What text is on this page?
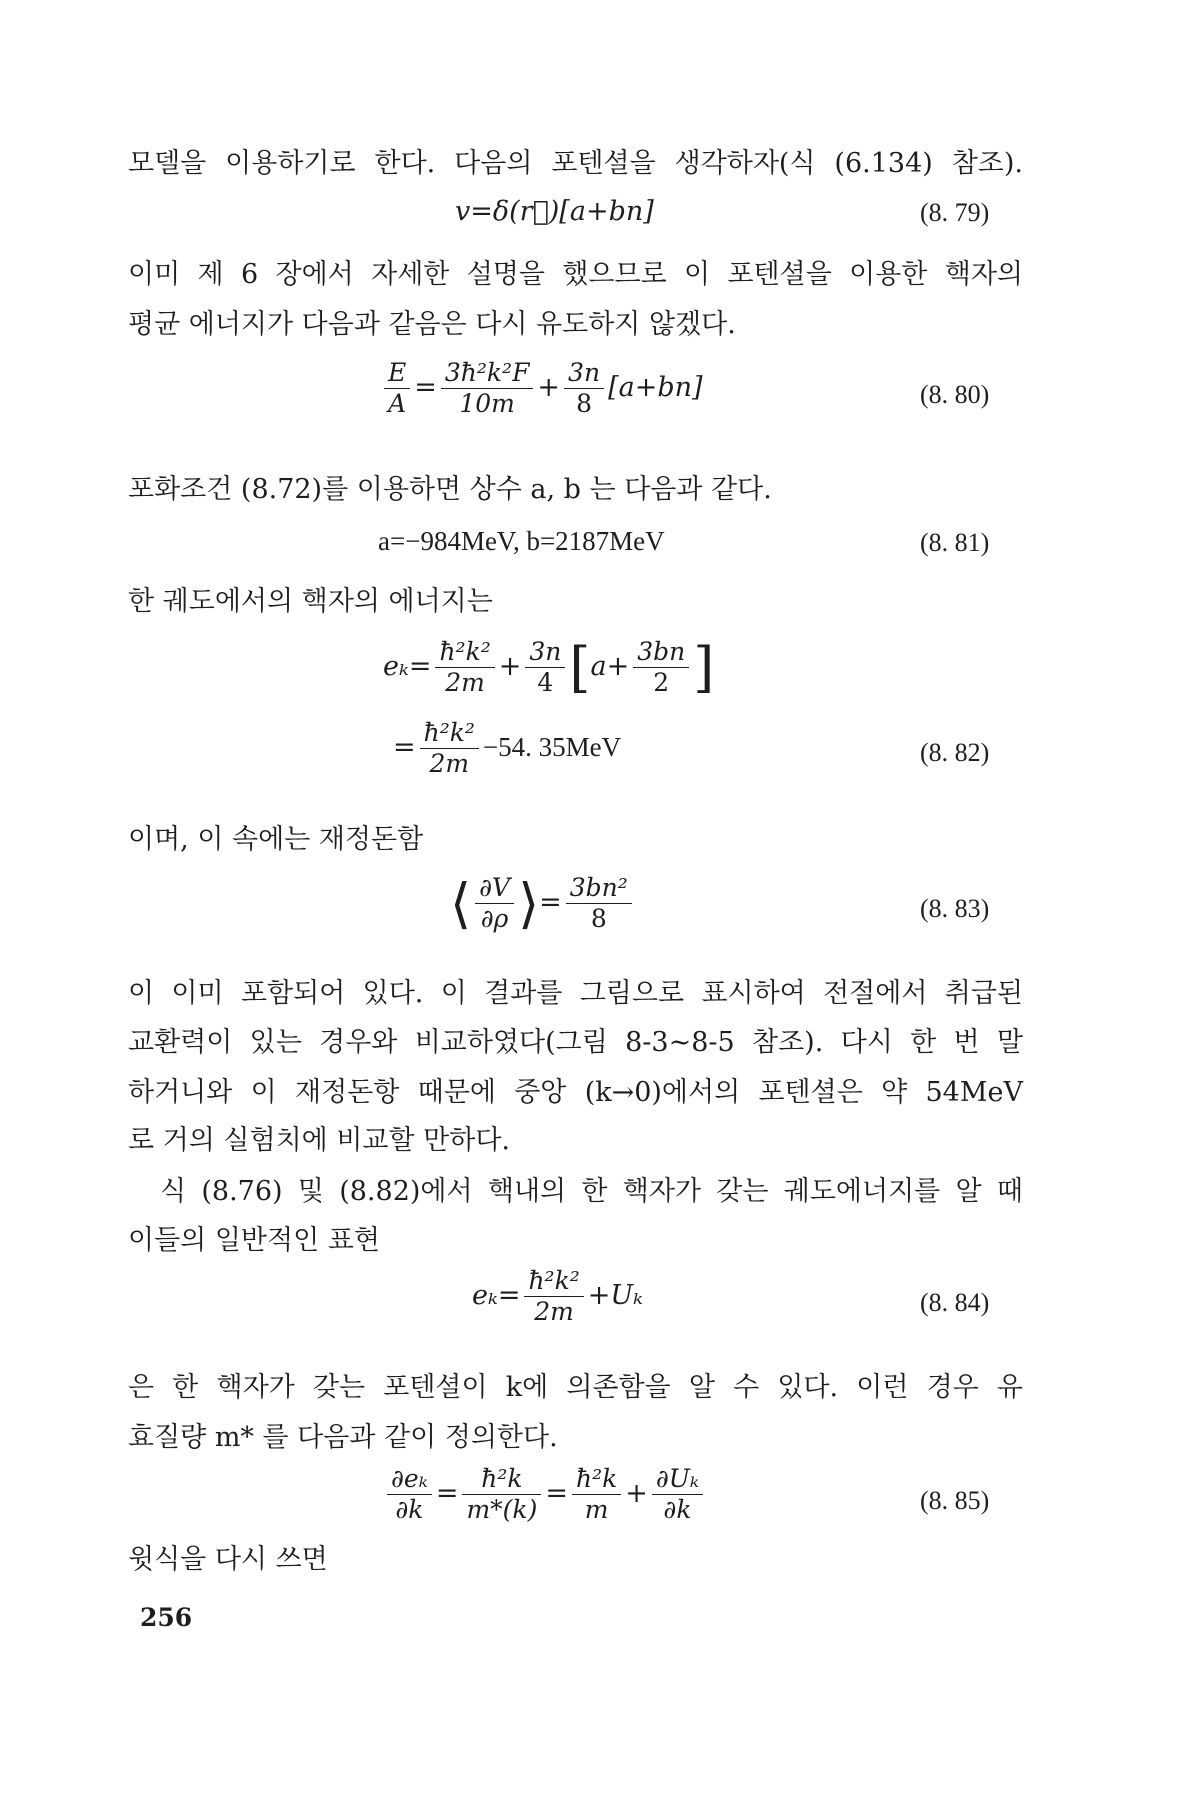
모델을 이용하기로 한다. 다음의 포텐셜을 생각하자(식 (6.134) 참조).
v=δ(r⃗)[a+bn]	(8. 79)
이미 제 6 장에서 자세한 설명을 했으므로 이 포텐셜을 이용한 핵자의
평균 에너지가 다음과 같음은 다시 유도하지 않겠다.
$\frac{E}{A} = \frac{\text{3ħ²k²F}}{10m} + \frac{3n}{8} [a+bn]$	(8. 80)
포화조건 (8.72)를 이용하면 상수 a, b 는 다음과 같다.
a=−984MeV, b=2187MeV	(8. 81)
한 궤도에서의 핵자의 에너지는
$e_k= \frac{\text{ħ²k²}}{2m} + \frac{3n}{4} [a+ \frac{3bn}{2}$ ]
= $\frac{\text{ħ²k²}}{2m} -54$. 35MeV	(8. 82)
이며, 이 속에는 재정돈함
⟨ $\frac{\partial V}{\partial\rho}$ ⟩= $\frac{\text{3bn²}}{8}$	(8. 83)
이 이미 포함되어 있다. 이 결과를 그림으로 표시하여 전절에서 취급된
교환력이 있는 경우와 비교하였다(그림 8-3∼8-5 참조). 다시 한 번 말
하거니와 이 재정돈항 때문에 중앙 (k→0)에서의 포텐셜은 약 54MeV
로 거의 실험치에 비교할 만하다.
식 (8.76) 및 (8.82)에서 핵내의 한 핵자가 갖는 궤도에너지를 알 때
이들의 일반적인 표현
$e_k= \frac{\text{ħ²k²}}{2m} +U_k$	(8. 84)
은 한 핵자가 갖는 포텐셜이 k에 의존함을 알 수 있다. 이런 경우 유
효질량 m* 를 다음과 같이 정의한다.
$\frac{\text{∂eₖ}}{\partial k} = \frac{\text{ħ²k}}{m*(k)} = \frac{\text{ħ²k}}{m} + \frac{\text{∂Uₖ}}{\partial k}$	(8. 85)
윗식을 다시 쓰면
256
